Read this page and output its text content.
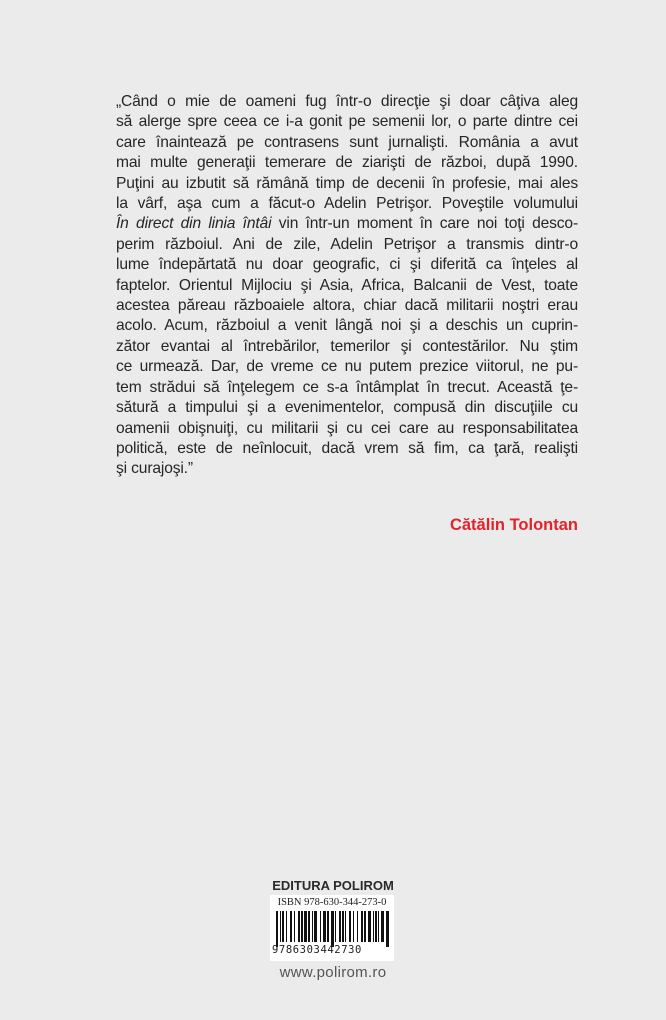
„Când o mie de oameni fug într-o direcţie şi doar câţiva aleg
să alerge spre ceea ce i-a gonit pe semenii lor, o parte dintre cei
care înaintează pe contrasens sunt jurnalişti. România a avut
mai multe generaţii temerare de ziarişti de război, după 1990.
Puţini au izbutit să rămână timp de decenii în profesie, mai ales
la vârf, aşa cum a făcut-o Adelin Petrişor. Poveştile volumului
În direct din linia întâi vin într-un moment în care noi toţi desco-
perim războiul. Ani de zile, Adelin Petrişor a transmis dintr-o
lume îndepărtată nu doar geografic, ci şi diferită ca înţeles al
faptelor. Orientul Mijlociu şi Asia, Africa, Balcanii de Vest, toate
acestea păreau războaiele altora, chiar dacă militarii noştri erau
acolo. Acum, războiul a venit lângă noi şi a deschis un cuprin-
zător evantai al întrebărilor, temerilor şi contestărilor. Nu ştim
ce urmează. Dar, de vreme ce nu putem prezice viitorul, ne pu-
tem strădui să înţelegem ce s-a întâmplat în trecut. Această ţe-
sătură a timpului şi a evenimentelor, compusă din discuţiile cu
oamenii obişnuiţi, cu militarii şi cu cei care au responsabilitatea
politică, este de neînlocuit, dacă vrem să fim, ca ţară, realişti
şi curajoşi.”
Cătălin Tolontan
EDITURA POLIROM
ISBN 978-630-344-273-0
9786303442730
www.polirom.ro
